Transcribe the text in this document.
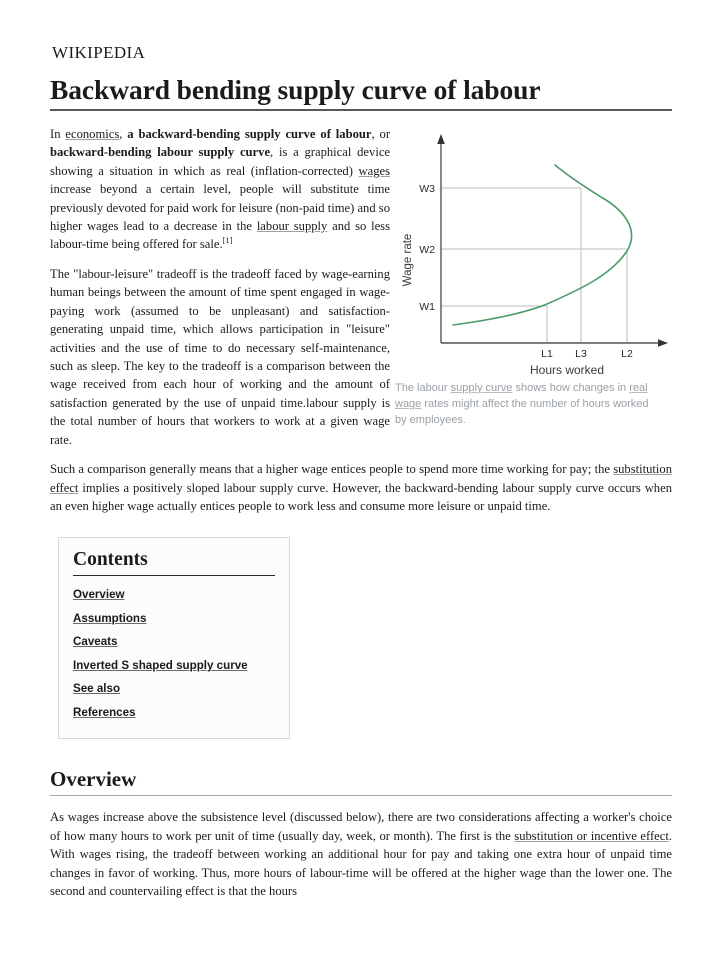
WIKIPEDIA
Backward bending supply curve of labour

In economics, a backward-bending supply curve of labour, or backward-bending labour supply curve, is a graphical device showing a situation in which as real (inflation-corrected) wages increase beyond a certain level, people will substitute time previously devoted for paid work for leisure (non-paid time) and so higher wages lead to a decrease in the labour supply and so less labour-time being offered for sale.[1]

The "labour-leisure" tradeoff is the tradeoff faced by wage-earning human beings between the amount of time spent engaged in wage-paying work (assumed to be unpleasant) and satisfaction-generating unpaid time, which allows participation in "leisure" activities and the use of time to do necessary self-maintenance, such as sleep. The key to the tradeoff is a comparison between the wage received from each hour of working and the amount of satisfaction generated by the use of unpaid time.labour supply is the total number of hours that workers to work at a given wage rate.

Wage rate
W3
W2
W1
L1 L3	L2
Hours worked
The labour supply curve shows how changes in real wage rates might affect the number of hours worked by employees.

Such a comparison generally means that a higher wage entices people to spend more time working for pay; the substitution effect implies a positively sloped labour supply curve. However, the backward-bending labour supply curve occurs when an even higher wage actually entices people to work less and consume more leisure or unpaid time.

Contents
Overview
Assumptions
Caveats
Inverted S shaped supply curve
See also
References
Overview

As wages increase above the subsistence level (discussed below), there are two considerations affecting a worker's choice of how many hours to work per unit of time (usually day, week, or month). The first is the substitution or incentive effect. With wages rising, the tradeoff between working an additional hour for pay and taking one extra hour of unpaid time changes in favor of working. Thus, more hours of labour-time will be offered at the higher wage than the lower one. The second and countervailing effect is that the hours
